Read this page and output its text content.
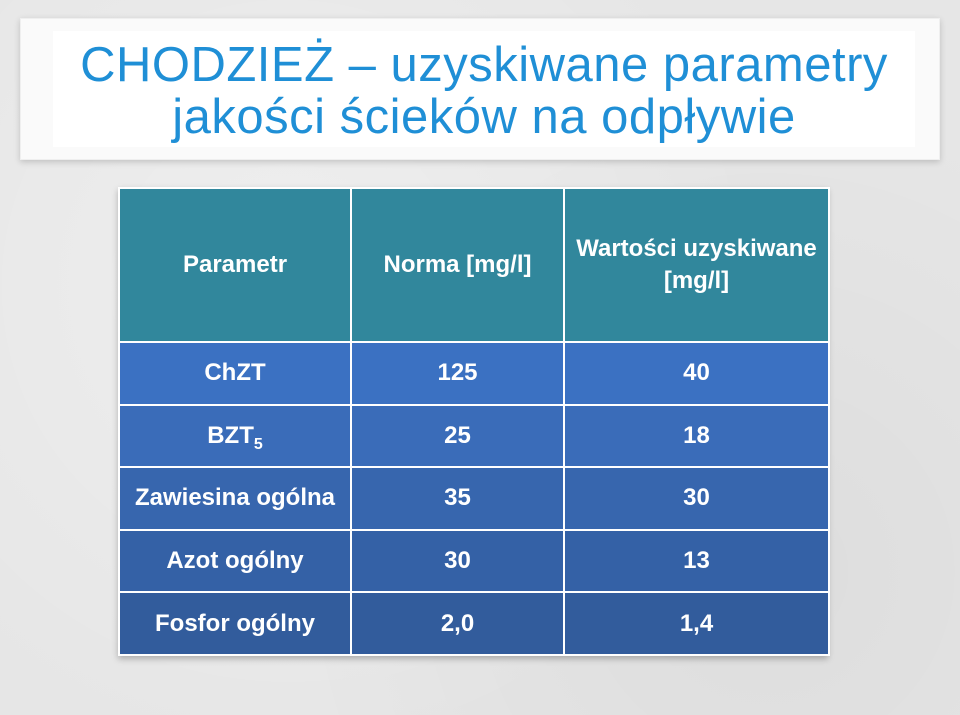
CHODZIEŻ – uzyskiwane parametry
jakości ścieków na odpływie
Parametr	Norma [mg/l]	Wartości uzyskiwane [mg/l]
ChZT	125	40
$BZT_5$	25	18
Zawiesina ogólna	35	30
Azot ogólny	30	13
Fosfor ogólny	2,0	1,4
